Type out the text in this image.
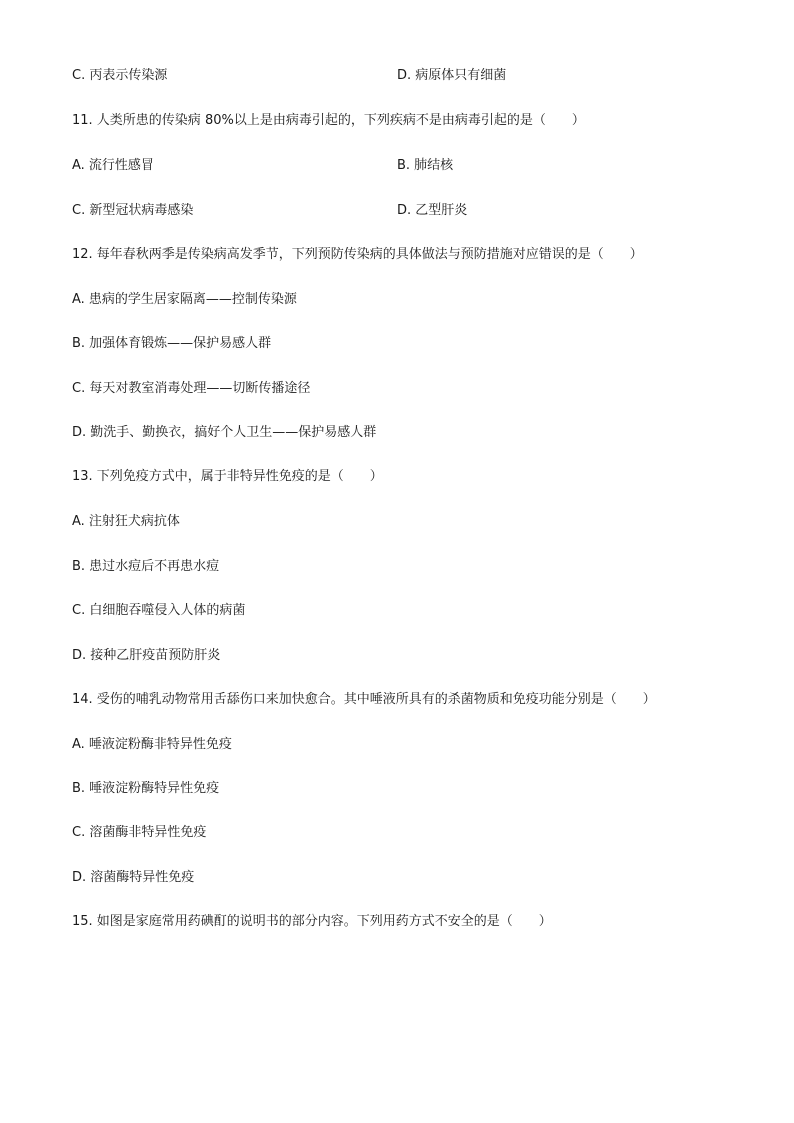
C. 丙表示传染源	D. 病原体只有细菌
11. 人类所患的传染病 80%以上是由病毒引起的，下列疾病不是由病毒引起的是（　　）
A. 流行性感冒	B. 肺结核
C. 新型冠状病毒感染	D. 乙型肝炎
12. 每年春秋两季是传染病高发季节，下列预防传染病的具体做法与预防措施对应错误的是（　　）
A. 患病的学生居家隔离——控制传染源
B. 加强体育锻炼——保护易感人群
C. 每天对教室消毒处理——切断传播途径
D. 勤洗手、勤换衣，搞好个人卫生——保护易感人群
13. 下列免疫方式中，属于非特异性免疫的是（　　）
A. 注射狂犬病抗体
B. 患过水痘后不再患水痘
C. 白细胞吞噬侵入人体的病菌
D. 接种乙肝疫苗预防肝炎
14. 受伤的哺乳动物常用舌舔伤口来加快愈合。其中唾液所具有的杀菌物质和免疫功能分别是（　　）
A. 唾液淀粉酶非特异性免疫
B. 唾液淀粉酶特异性免疫
C. 溶菌酶非特异性免疫
D. 溶菌酶特异性免疫
15. 如图是家庭常用药碘酊的说明书的部分内容。下列用药方式不安全的是（　　）
